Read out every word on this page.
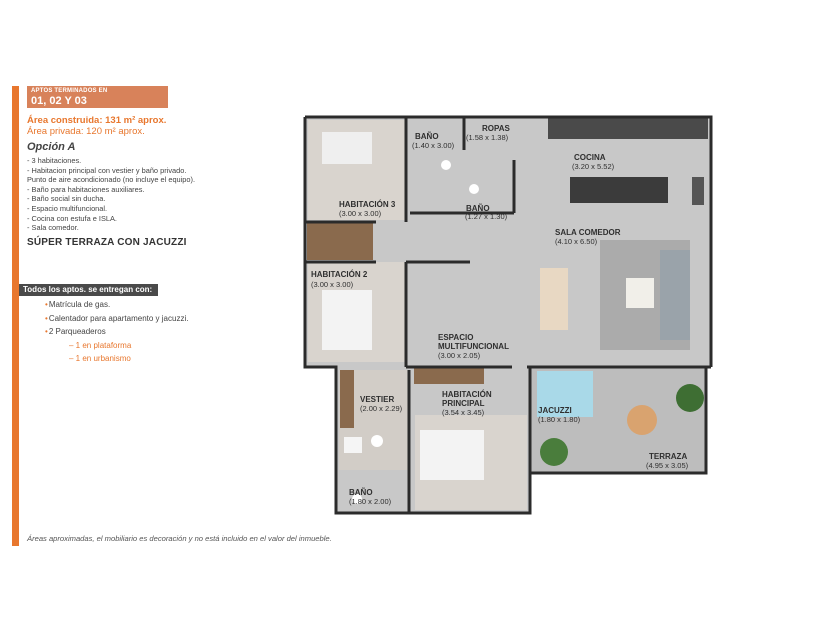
APTOS TERMINADOS EN
01, 02 Y 03
Área construida: 131 m² aprox.
Área privada: 120 m² aprox.
Opción A
- 3 habitaciones.
- Habitacion principal con vestier y baño privado.
Punto de aire acondicionado (no incluye el equipo).
- Baño para habitaciones auxiliares.
- Baño social sin ducha.
- Espacio multifuncional.
- Cocina con estufa e ISLA.
- Sala comedor.
SÚPER TERRAZA CON JACUZZI
Todos los aptos. se entregan con:
•Matrícula de gas.
•Calentador para apartamento y jacuzzi.
•2 Parqueaderos
– 1 en plataforma
– 1 en urbanismo
BAÑO
(1.40 x 3.00)
ROPAS
(1.58 x 1.38)
COCINA
(3.20 x 5.52)
HABITACIÓN 3
(3.00 x 3.00)
BAÑO
(1.27 x 1.30)
SALA COMEDOR
(4.10 x 6.50)
HABITACIÓN 2
(3.00 x 3.00)
ESPACIO
MULTIFUNCIONAL
(3.00 x 2.05)
HABITACIÓN
PRINCIPAL
(3.54 x 3.45)
VESTIER
(2.00 x 2.29)	JACUZZI
(1.80 x 1.80)
TERRAZA
(4.95 x 3.05)
BAÑO
(1.80 x 2.00)
Áreas aproximadas, el mobiliario es decoración y no está incluido en el valor del inmueble.
